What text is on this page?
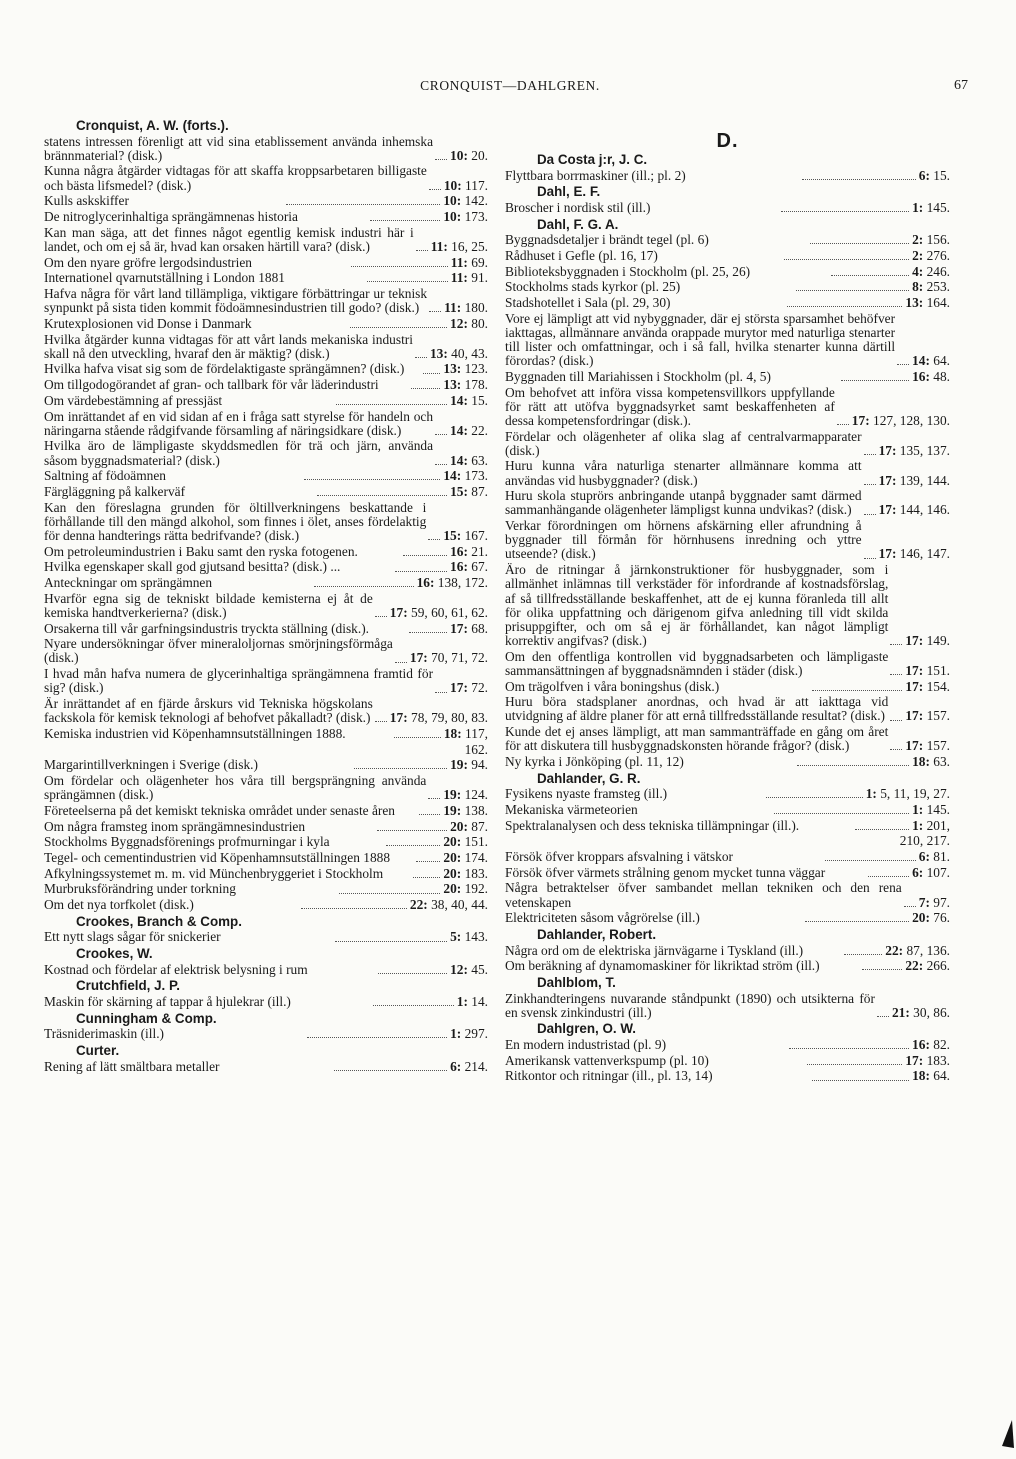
CRONQUIST—DAHLGREN.	67
Cronquist, A. W. (forts.).
statens intressen förenligt att vid sina etablissement använda inhemska brännmaterial? (disk.)	10: 20.
Kunna några åtgärder vidtagas för att skaffa kroppsarbetaren billigaste och bästa lifsmedel? (disk.)	10: 117.
Kulls askskiffer	10: 142.
De nitroglycerinhaltiga sprängämnenas historia	10: 173.
Kan man säga, att det finnes något egentlig kemisk industri här i landet, och om ej så är, hvad kan orsaken härtill vara? (disk.)	11: 16, 25.
Om den nyare gröfre lergodsindustrien	11: 69.
Internationel qvarnutställning i London 1881	11: 91.
Hafva några för vårt land tillämpliga, viktigare förbättringar ur teknisk synpunkt på sista tiden kommit födoämnesindustrien till godo? (disk.)	11: 180.
Krutexplosionen vid Donse i Danmark	12: 80.
Hvilka åtgärder kunna vidtagas för att vårt lands mekaniska industri skall nå den utveckling, hvaraf den är mäktig? (disk.)	13: 40, 43.
Hvilka hafva visat sig som de fördelaktigaste sprängämnen? (disk.)	13: 123.
Om tillgodogörandet af gran- och tallbark för vår läderindustri	13: 178.
Om värdebestämning af pressjäst	14: 15.
Om inrättandet af en vid sidan af en i fråga satt styrelse för handeln och näringarna stående rådgifvande församling af näringsidkare (disk.)	14: 22.
Hvilka äro de lämpligaste skyddsmedlen för trä och järn, använda såsom byggnadsmaterial? (disk.)	14: 63.
Saltning af födoämnen	14: 173.
Färgläggning på kalkerväf	15: 87.
Kan den föreslagna grunden för öltillverkningens beskattande i förhållande till den mängd alkohol, som finnes i ölet, anses fördelaktig för denna handterings rätta bedrifvande? (disk.)	15: 167.
Om petroleumindustrien i Baku samt den ryska fotogenen.	16: 21.
Hvilka egenskaper skall god gjutsand besitta? (disk.) ...	16: 67.
Anteckningar om sprängämnen	16: 138, 172.
Hvarför egna sig de tekniskt bildade kemisterna ej åt de kemiska handtverkerierna? (disk.)	17: 59, 60, 61, 62.
Orsakerna till vår garfningsindustris tryckta ställning (disk.).	17: 68.
Nyare undersökningar öfver mineraloljornas smörjningsförmåga (disk.)	17: 70, 71, 72.
I hvad mån hafva numera de glycerinhaltiga sprängämnena framtid för sig? (disk.)	17: 72.
Är inrättandet af en fjärde årskurs vid Tekniska högskolans fackskola för kemisk teknologi af behofvet påkalladt? (disk.) 17: 78, 79, 80, 83.
Kemiska industrien vid Köpenhamnsutställningen 1888.	18: 117,
162.
Margarintillverkningen i Sverige (disk.)	19: 94.
Om fördelar och olägenheter hos våra till bergsprängning använda sprängämnen (disk.)	19: 124.
Företeelserna på det kemiskt tekniska området under senaste åren	19: 138.
Om några framsteg inom sprängämnesindustrien	20: 87.
Stockholms Byggnadsförenings profmurningar i kyla	20: 151.
Tegel- och cementindustrien vid Köpenhamnsutställningen 1888	20: 174.
Afkylningssystemet m. m. vid Münchenbryggeriet i Stockholm	20: 183.
Murbruksförändring under torkning	20: 192.
Om det nya torfkolet (disk.)	22: 38, 40, 44.
Crookes, Branch & Comp.
Ett nytt slags sågar för snickerier	5: 143.
Crookes, W.
Kostnad och fördelar af elektrisk belysning i rum	12: 45.
Crutchfield, J. P.
Maskin för skärning af tappar å hjulekrar (ill.)	1: 14.
Cunningham & Comp.
Träsniderimaskin (ill.)	1: 297.
Curter.
Rening af lätt smältbara metaller	6: 214.
D.
Da Costa j:r, J. C.
Flyttbara borrmaskiner (ill.; pl. 2)	6: 15.
Dahl, E. F.
Broscher i nordisk stil (ill.)	1: 145.
Dahl, F. G. A.
Byggnadsdetaljer i brändt tegel (pl. 6)	2: 156.
Rådhuset i Gefle (pl. 16, 17)	2: 276.
Biblioteksbyggnaden i Stockholm (pl. 25, 26)	4: 246.
Stockholms stads kyrkor (pl. 25)	8: 253.
Stadshotellet i Sala (pl. 29, 30)	13: 164.
Vore ej lämpligt att vid nybyggnader, där ej största sparsamhet behöfver iakttagas, allmännare använda orappade murytor med naturliga stenarter till lister och omfattningar, och i så fall, hvilka stenarter kunna därtill förordas? (disk.)	14: 64.
Byggnaden till Mariahissen i Stockholm (pl. 4, 5)	16: 48.
Om behofvet att införa vissa kompetensvillkors uppfyllande för rätt att utöfva byggnadsyrket samt beskaffenheten af dessa kompetensfordringar (disk.).	17: 127, 128, 130.
Fördelar och olägenheter af olika slag af centralvarmapparater (disk.)	17: 135, 137.
Huru kunna våra naturliga stenarter allmännare komma att användas vid husbyggnader? (disk.)	17: 139, 144.
Huru skola stuprörs anbringande utanpå byggnader samt därmed sammanhängande olägenheter lämpligst kunna undvikas? (disk.)	17: 144, 146.
Verkar förordningen om hörnens afskärning eller afrundning å byggnader till förmån för hörnhusens inredning och yttre utseende? (disk.)	17: 146, 147.
Äro de ritningar å järnkonstruktioner för husbyggnader, som i allmänhet inlämnas till verkstäder för infordrande af kostnadsförslag, af så tillfredsställande beskaffenhet, att de ej kunna föranleda till allt för olika uppfattning och därigenom gifva anledning till vidt skilda prisuppgifter, och om så ej är förhållandet, kan något lämpligt korrektiv angifvas? (disk.)	17: 149.
Om den offentliga kontrollen vid byggnadsarbeten och lämpligaste sammansättningen af byggnadsnämnden i städer (disk.)	17: 151.
Om trägolfven i våra boningshus (disk.)	17: 154.
Huru böra stadsplaner anordnas, och hvad är att iakttaga vid utvidgning af äldre planer för att ernå tillfredsställande resultat? (disk.) 17: 157.
Kunde det ej anses lämpligt, att man sammanträffade en gång om året för att diskutera till husbyggnadskonsten hörande frågor? (disk.)	17: 157.
Ny kyrka i Jönköping (pl. 11, 12)	18: 63.
Dahlander, G. R.
Fysikens nyaste framsteg (ill.)	1: 5, 11, 19, 27.
Mekaniska värmeteorien	1: 145.
Spektralanalysen och dess tekniska tillämpningar (ill.).	1: 201,
210, 217.
Försök öfver kroppars afsvalning i vätskor	6: 81.
Försök öfver värmets strålning genom mycket tunna väggar	6: 107.
Några betraktelser öfver sambandet mellan tekniken och den rena vetenskapen	7: 97.
Elektriciteten såsom vågrörelse (ill.)	20: 76.
Dahlander, Robert.
Några ord om de elektriska järnvägarne i Tyskland (ill.)	22: 87, 136.
Om beräkning af dynamomaskiner för likriktad ström (ill.)	22: 266.
Dahlblom, T.
Zinkhandteringens nuvarande ståndpunkt (1890) och utsikterna för en svensk zinkindustri (ill.)	21: 30, 86.
Dahlgren, O. W.
En modern industristad (pl. 9)	16: 82.
Amerikansk vattenverkspump (pl. 10)	17: 183.
Ritkontor och ritningar (ill., pl. 13, 14)	18: 64.
